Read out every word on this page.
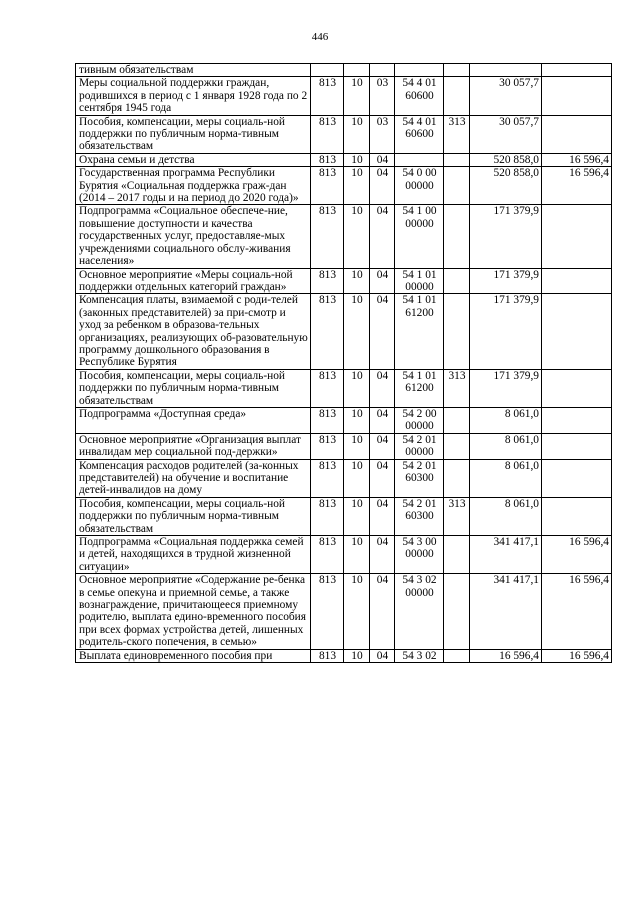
446
тивным обязательствам							
Меры социальной поддержки граждан, родившихся в период с 1 января 1928 года по 2 сентября 1945 года	813	10	03	54 4 01 60600		30 057,7	
Пособия, компенсации, меры социаль-ной поддержки по публичным норма-тивным обязательствам	813	10	03	54 4 01 60600	313	30 057,7	
Охрана семьи и детства	813	10	04			520 858,0	16 596,4
Государственная программа Республики Бурятия «Социальная поддержка граж-дан (2014 – 2017 годы и на период до 2020 года)»	813	10	04	54 0 00 00000		520 858,0	16 596,4
Подпрограмма «Социальное обеспече-ние, повышение доступности и качества государственных услуг, предоставляе-мых учреждениями социального обслу-живания населения»	813	10	04	54 1 00 00000		171 379,9	
Основное мероприятие «Меры социаль-ной поддержки отдельных категорий граждан»	813	10	04	54 1 01 00000		171 379,9	
Компенсация платы, взимаемой с роди-телей (законных представителей) за при-смотр и уход за ребенком в образова-тельных организациях, реализующих об-разовательную программу дошкольного образования в Республике Бурятия	813	10	04	54 1 01 61200		171 379,9	
Пособия, компенсации, меры социаль-ной поддержки по публичным норма-тивным обязательствам	813	10	04	54 1 01 61200	313	171 379,9	
Подпрограмма «Доступная среда»	813	10	04	54 2 00 00000		8 061,0	
Основное мероприятие «Организация выплат инвалидам мер социальной под-держки»	813	10	04	54 2 01 00000		8 061,0	
Компенсация расходов родителей (за-конных представителей) на обучение и воспитание детей-инвалидов на дому	813	10	04	54 2 01 60300		8 061,0	
Пособия, компенсации, меры социаль-ной поддержки по публичным норма-тивным обязательствам	813	10	04	54 2 01 60300	313	8 061,0	
Подпрограмма «Социальная поддержка семей и детей, находящихся в трудной жизненной ситуации»	813	10	04	54 3 00 00000		341 417,1	16 596,4
Основное мероприятие «Содержание ре-бенка в семье опекуна и приемной семье, а также вознаграждение, причитающееся приемному родителю, выплата едино-временного пособия при всех формах устройства детей, лишенных родитель-ского попечения, в семью»	813	10	04	54 3 02 00000		341 417,1	16 596,4
Выплата единовременного пособия при	813	10	04	54 3 02		16 596,4	16 596,4
